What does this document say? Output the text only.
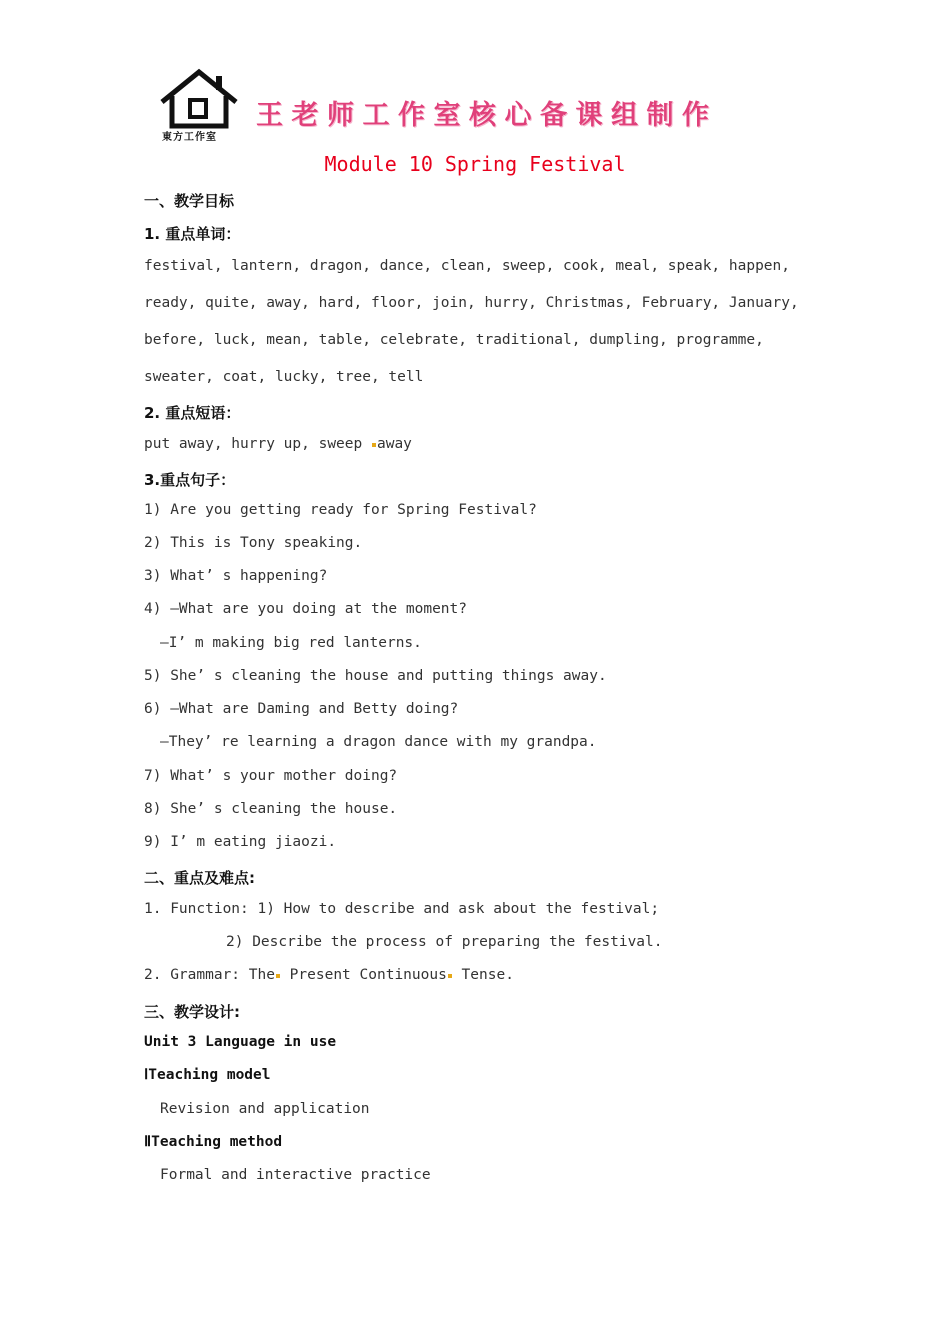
東方工作室
王老师工作室核心备课组制作
Module 10 Spring Festival
一、教学目标
1. 重点单词：
festival, lantern, dragon, dance, clean, sweep, cook, meal, speak, happen,
ready, quite, away, hard, floor, join, hurry, Christmas, February, January,
before, luck, mean, table, celebrate, traditional, dumpling, programme,
sweater, coat, lucky, tree, tell
2. 重点短语：
put away, hurry up, sweep away
3.重点句子：
1) Are you getting ready for Spring Festival?
2) This is Tony speaking.
3) What’ s happening?
4) —What are you doing at the moment?
—I’ m making big red lanterns.
5) She’ s cleaning the house and putting things away.
6) —What are Daming and Betty doing?
—They’ re learning a dragon dance with my grandpa.
7) What’ s your mother doing?
8) She’ s cleaning the house.
9) I’ m eating jiaozi.
二、重点及难点:
1. Function: 1) How to describe and ask about the festival;
2) Describe the process of preparing the festival.
2. Grammar: The Present Continuous Tense.
三、教学设计:
Unit 3 Language in use
ⅠTeaching model
Revision and application
ⅡTeaching method
Formal and interactive practice
